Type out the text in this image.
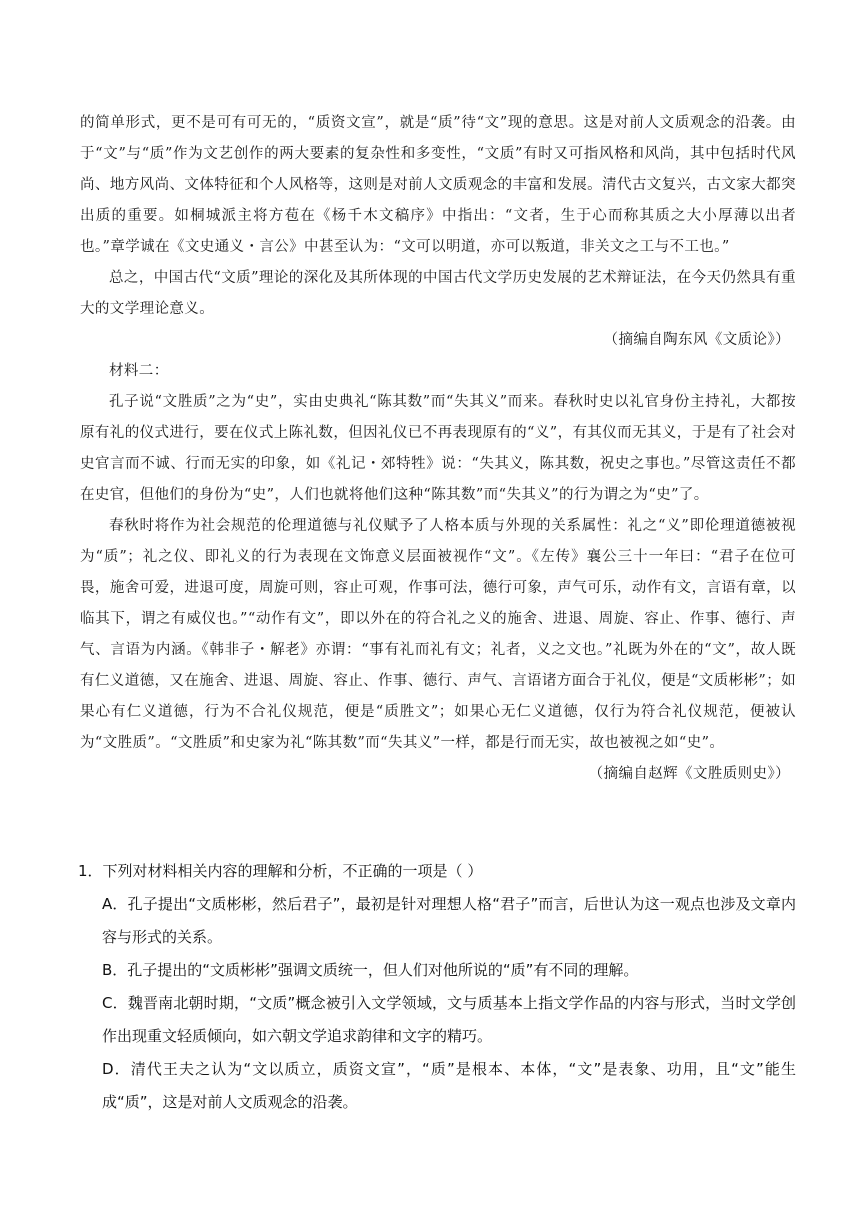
的简单形式，更不是可有可无的，“质资文宣”，就是“质”待“文”现的意思。这是对前人文质观念的沿袭。由于“文”与“质”作为文艺创作的两大要素的复杂性和多变性，“文质”有时又可指风格和风尚，其中包括时代风尚、地方风尚、文体特征和个人风格等，这则是对前人文质观念的丰富和发展。清代古文复兴，古文家大都突出质的重要。如桐城派主将方苞在《杨千木文稿序》中指出：“文者，生于心而称其质之大小厚薄以出者也。”章学诚在《文史通义・言公》中甚至认为：“文可以明道，亦可以叛道，非关文之工与不工也。”

总之，中国古代“文质”理论的深化及其所体现的中国古代文学历史发展的艺术辩证法，在今天仍然具有重大的文学理论意义。

（摘编自陶东风《文质论》）

材料二：

孔子说“文胜质”之为“史”，实由史典礼“陈其数”而“失其义”而来。春秋时史以礼官身份主持礼，大都按原有礼的仪式进行，要在仪式上陈礼数，但因礼仪已不再表现原有的“义”，有其仪而无其义，于是有了社会对史官言而不诚、行而无实的印象，如《礼记・郊特牲》说：“失其义，陈其数，祝史之事也。”尽管这责任不都在史官，但他们的身份为“史”，人们也就将他们这种“陈其数”而“失其义”的行为谓之为“史”了。

春秋时将作为社会规范的伦理道德与礼仪赋予了人格本质与外现的关系属性：礼之“义”即伦理道德被视为“质”；礼之仪、即礼义的行为表现在文饰意义层面被视作“文”。《左传》襄公三十一年曰：“君子在位可畏，施舍可爱，进退可度，周旋可则，容止可观，作事可法，德行可象，声气可乐，动作有文，言语有章，以临其下，谓之有威仪也。”“动作有文”，即以外在的符合礼之义的施舍、进退、周旋、容止、作事、德行、声气、言语为内涵。《韩非子・解老》亦谓：“事有礼而礼有文；礼者，义之文也。”礼既为外在的“文”，故人既有仁义道德，又在施舍、进退、周旋、容止、作事、德行、声气、言语诸方面合于礼仪，便是“文质彬彬”；如果心有仁义道德，行为不合礼仪规范，便是“质胜文”；如果心无仁义道德，仅行为符合礼仪规范，便被认为“文胜质”。“文胜质”和史家为礼“陈其数”而“失其义”一样，都是行而无实，故也被视之如“史”。

（摘编自赵辉《文胜质则史》）

1．下列对材料相关内容的理解和分析，不正确的一项是（ ）

A．孔子提出“文质彬彬，然后君子”，最初是针对理想人格“君子”而言，后世认为这一观点也涉及文章内容与形式的关系。

B．孔子提出的“文质彬彬”强调文质统一，但人们对他所说的“质”有不同的理解。

C．魏晋南北朝时期，“文质”概念被引入文学领域，文与质基本上指文学作品的内容与形式，当时文学创作出现重文轻质倾向，如六朝文学追求韵律和文字的精巧。

D．清代王夫之认为“文以质立，质资文宣”，“质”是根本、本体，“文”是表象、功用，且“文”能生成“质”，这是对前人文质观念的沿袭。
